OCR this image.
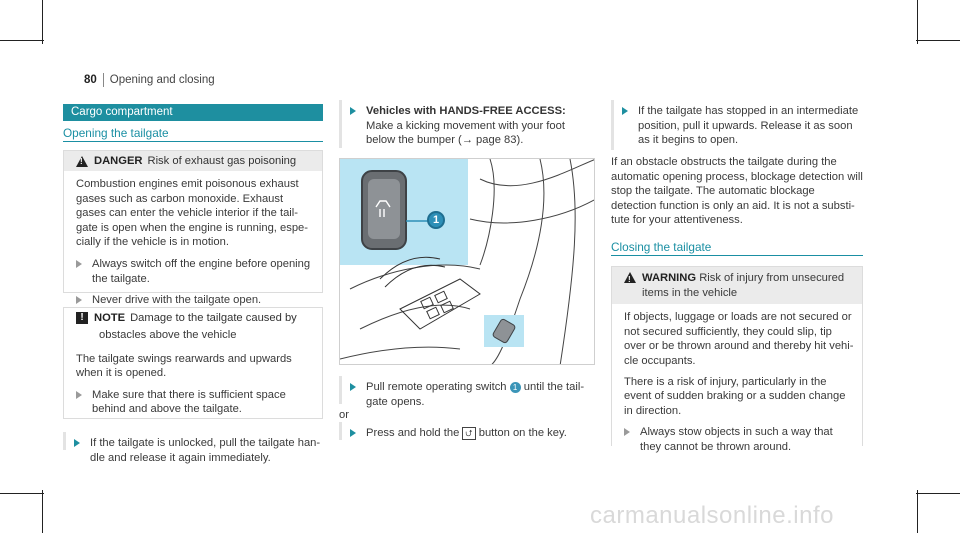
80 Opening and closing
Cargo compartment
Opening the tailgate
!
DANGER Risk of exhaust gas poisoning
Combustion engines emit poisonous exhaust gases such as carbon monoxide. Exhaust gases can enter the vehicle interior if the tail-gate is open when the engine is running, espe-cially if the vehicle is in motion.
Always switch off the engine before opening the tailgate.
Never drive with the tailgate open.
! NOTE Damage to the tailgate caused by
obstacles above the vehicle
The tailgate swings rearwards and upwards when it is opened.
Make sure that there is sufficient space behind and above the tailgate.
If the tailgate is unlocked, pull the tailgate han-dle and release it again immediately.
Vehicles with HANDS-FREE ACCESS: Make a kicking movement with your foot below the bumper (→ page 83).
1
Pull remote operating switch 1 until the tail-gate opens.
or
Press and hold the ⮍ button on the key.
If the tailgate has stopped in an intermediate position, pull it upwards. Release it as soon as it begins to open.
If an obstacle obstructs the tailgate during the automatic opening process, blockage detection will stop the tailgate. The automatic blockage detection function is only an aid. It is not a substi-tute for your attentiveness.
Closing the tailgate
!
WARNING Risk of injury from unsecured items in the vehicle
If objects, luggage or loads are not secured or not secured sufficiently, they could slip, tip over or be thrown around and thereby hit vehi-cle occupants.
There is a risk of injury, particularly in the event of sudden braking or a sudden change in direction.
Always stow objects in such a way that they cannot be thrown around.
carmanualsonline.info
